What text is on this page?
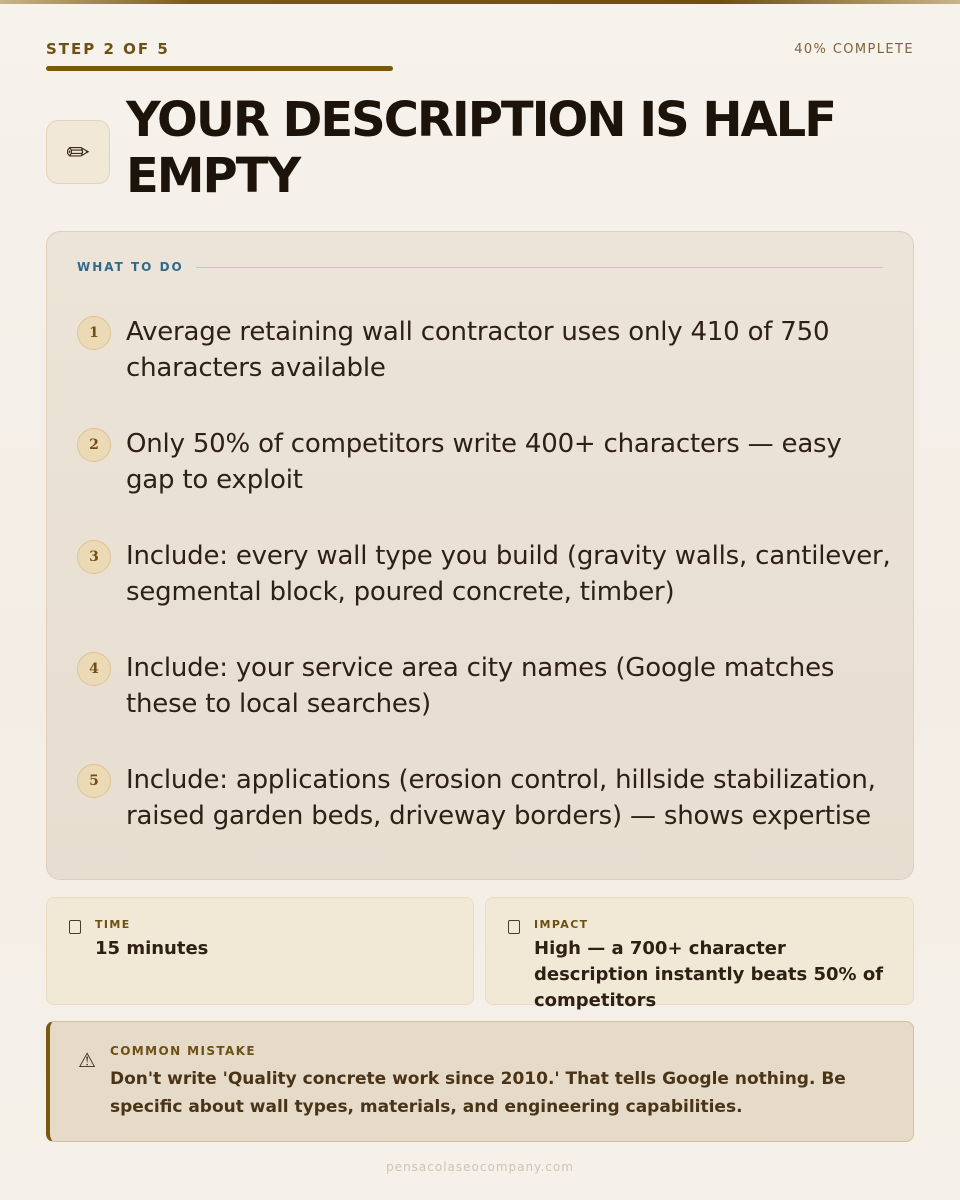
STEP 2 OF 5	40% COMPLETE
✏
YOUR DESCRIPTION IS HALF EMPTY
WHAT TO DO
1	Average retaining wall contractor uses only 410 of 750 characters available
2	Only 50% of competitors write 400+ characters — easy gap to exploit
3	Include: every wall type you build (gravity walls, cantilever, segmental block, poured concrete, timber)
4	Include: your service area city names (Google matches these to local searches)
5	Include: applications (erosion control, hillside stabilization, raised garden beds, driveway borders) — shows expertise
TIME
15 minutes
IMPACT
High — a 700+ character description instantly beats 50% of competitors
⚠ COMMON MISTAKE

Don't write 'Quality concrete work since 2010.' That tells Google nothing. Be specific about wall types, materials, and engineering capabilities.

pensacolaseocompany.com
